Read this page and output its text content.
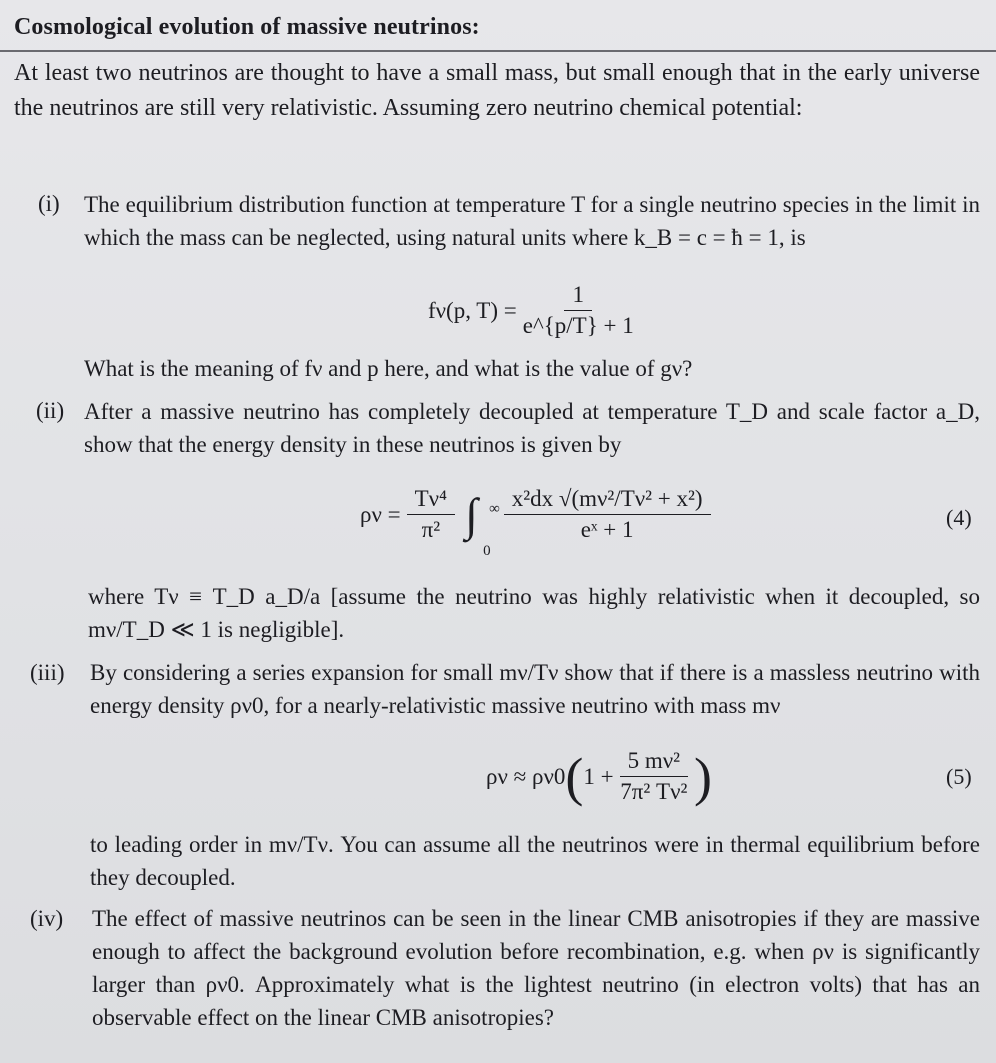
Cosmological evolution of massive neutrinos:
At least two neutrinos are thought to have a small mass, but small enough that in the early universe the neutrinos are still very relativistic. Assuming zero neutrino chemical potential:
(i) The equilibrium distribution function at temperature T for a single neutrino species in the limit in which the mass can be neglected, using natural units where k_B = c = ħ = 1, is
fν(p, $T) = \frac{1}{e\^{}\{p/T\} + 1}$
What is the meaning of fν and p here, and what is the value of gν?
(ii) After a massive neutrino has completely decoupled at temperature T_D and scale factor a_D, show that the energy density in these neutrinos is given by
$\rho\nu = \frac{\text{Tν⁴}}{\text{π²}}$ ∫ ∞
0
$\frac{\text{x²dx √(mν²/Tν² + x²)}}{\text{eˣ + 1}}$	(4)
where Tν ≡ T_D a_D/a [assume the neutrino was highly relativistic when it decoupled, so mν/T_D ≪ 1 is negligible].
(iii) By considering a series expansion for small mν/Tν show that if there is a massless neutrino with energy density ρν0, for a nearly-relativistic massive neutrino with mass mν
ρν ≈ ρν0 ( $1 + \frac{\text{5 mν²}}{\text{7π² Tν²}}$ )	(5)
to leading order in mν/Tν. You can assume all the neutrinos were in thermal equilibrium before they decoupled.
(iv) The effect of massive neutrinos can be seen in the linear CMB anisotropies if they are massive enough to affect the background evolution before recombination, e.g. when ρν is significantly larger than ρν0. Approximately what is the lightest neutrino (in electron volts) that has an observable effect on the linear CMB anisotropies?
